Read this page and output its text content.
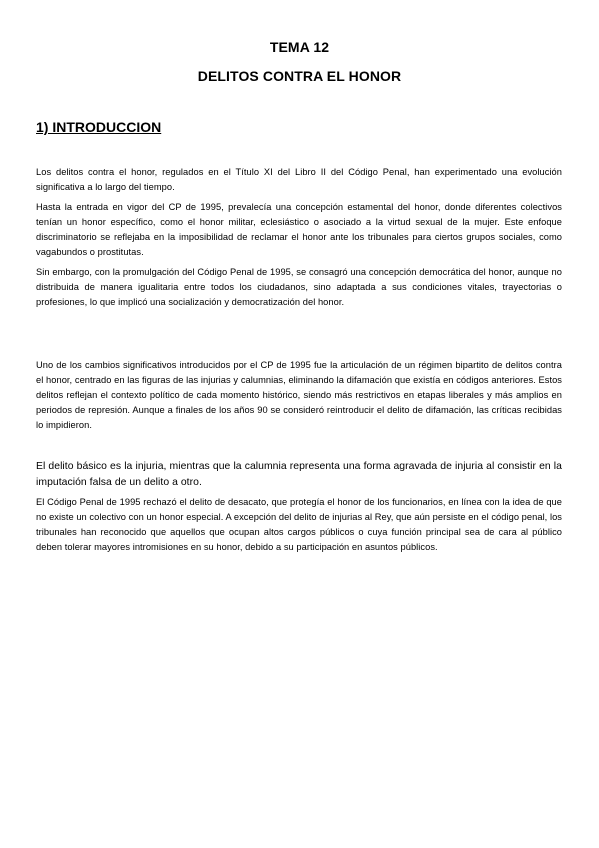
TEMA 12
DELITOS CONTRA EL HONOR
1) INTRODUCCION

Los delitos contra el honor, regulados en el Título XI del Libro II del Código Penal, han experimentado una evolución significativa a lo largo del tiempo.

Hasta la entrada en vigor del CP de 1995, prevalecía una concepción estamental del honor, donde diferentes colectivos tenían un honor específico, como el honor militar, eclesiástico o asociado a la virtud sexual de la mujer. Este enfoque discriminatorio se reflejaba en la imposibilidad de reclamar el honor ante los tribunales para ciertos grupos sociales, como vagabundos o prostitutas.

Sin embargo, con la promulgación del Código Penal de 1995, se consagró una concepción democrática del honor, aunque no distribuida de manera igualitaria entre todos los ciudadanos, sino adaptada a sus condiciones vitales, trayectorias o profesiones, lo que implicó una socialización y democratización del honor.

Uno de los cambios significativos introducidos por el CP de 1995 fue la articulación de un régimen bipartito de delitos contra el honor, centrado en las figuras de las injurias y calumnias, eliminando la difamación que existía en códigos anteriores. Estos delitos reflejan el contexto político de cada momento histórico, siendo más restrictivos en etapas liberales y más amplios en periodos de represión. Aunque a finales de los años 90 se consideró reintroducir el delito de difamación, las críticas recibidas lo impidieron.

El delito básico es la injuria, mientras que la calumnia representa una forma agravada de injuria al consistir en la imputación falsa de un delito a otro.

El Código Penal de 1995 rechazó el delito de desacato, que protegía el honor de los funcionarios, en línea con la idea de que no existe un colectivo con un honor especial. A excepción del delito de injurias al Rey, que aún persiste en el código penal, los tribunales han reconocido que aquellos que ocupan altos cargos públicos o cuya función principal sea de cara al público deben tolerar mayores intromisiones en su honor, debido a su participación en asuntos públicos.
